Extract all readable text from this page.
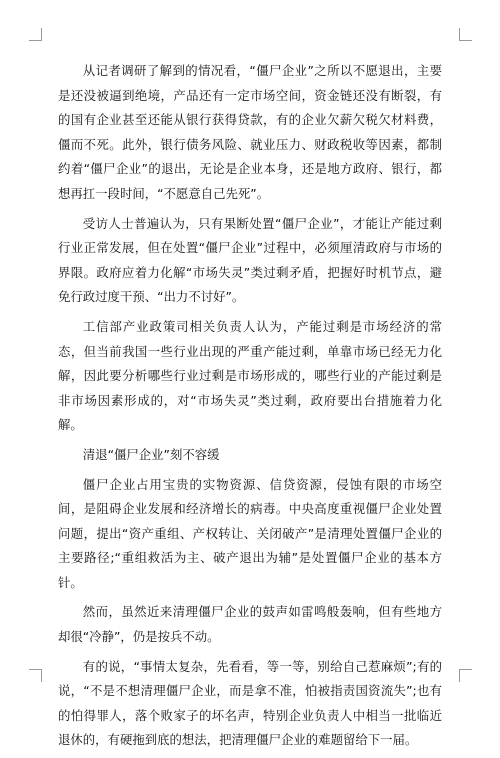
从记者调研了解到的情况看，“僵尸企业”之所以不愿退出，主要是还没被逼到绝境，产品还有一定市场空间，资金链还没有断裂，有的国有企业甚至还能从银行获得贷款，有的企业欠薪欠税欠材料费，僵而不死。此外，银行债务风险、就业压力、财政税收等因素，都制约着“僵尸企业”的退出，无论是企业本身，还是地方政府、银行，都想再扛一段时间，“不愿意自己先死”。

受访人士普遍认为，只有果断处置“僵尸企业”，才能让产能过剩行业正常发展，但在处置“僵尸企业”过程中，必须厘清政府与市场的界限。政府应着力化解“市场失灵”类过剩矛盾，把握好时机节点，避免行政过度干预、“出力不讨好”。

工信部产业政策司相关负责人认为，产能过剩是市场经济的常态，但当前我国一些行业出现的严重产能过剩，单靠市场已经无力化解，因此要分析哪些行业过剩是市场形成的，哪些行业的产能过剩是非市场因素形成的，对“市场失灵”类过剩，政府要出台措施着力化解。

清退“僵尸企业”刻不容缓

僵尸企业占用宝贵的实物资源、信贷资源，侵蚀有限的市场空间，是阻碍企业发展和经济增长的病毒。中央高度重视僵尸企业处置问题，提出“资产重组、产权转让、关闭破产”是清理处置僵尸企业的主要路径;“重组救活为主、破产退出为辅”是处置僵尸企业的基本方针。

然而，虽然近来清理僵尸企业的鼓声如雷鸣般轰响，但有些地方却很“冷静”，仍是按兵不动。

有的说，“事情太复杂，先看看，等一等，别给自己惹麻烦”;有的说，“不是不想清理僵尸企业，而是拿不准，怕被指责国资流失”;也有的怕得罪人，落个败家子的坏名声，特别企业负责人中相当一批临近退休的，有硬拖到底的想法，把清理僵尸企业的难题留给下一届。
